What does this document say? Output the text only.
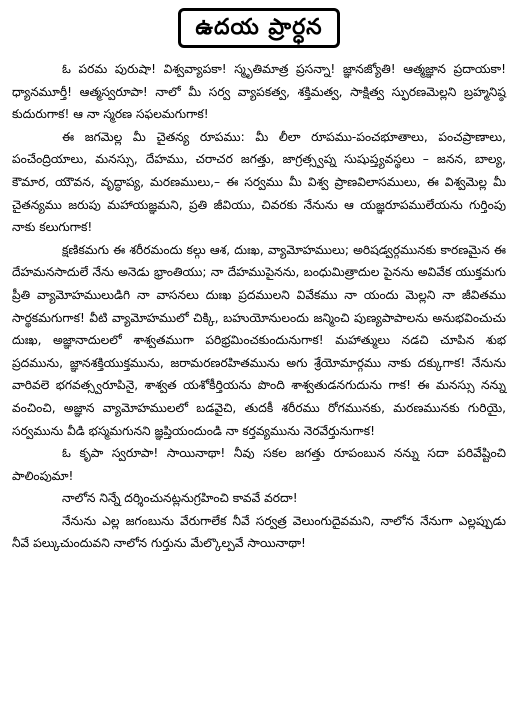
ఉదయ ప్రార్ధన

ఓ పరమ పురుషా! విశ్వవ్యాపకా! స్మృతిమాత్ర ప్రసన్నా! జ్ఞానజ్యోతి! ఆత్మజ్ఞాన ప్రదాయకా! ధ్యానమూర్తీ! ఆత్మస్వరూపా! నాలో మీ సర్వ వ్యాపకత్వ, శక్తిమత్వ, సాక్షిత్వ స్ఫురణమెల్లని బ్రహ్మనిష్ఠ కుదురుగాక! ఆ నా స్మరణ సఫలమగుగాక!

ఈ జగమెల్ల మీ చైతన్య రూపము: మీ లీలా రూపము-పంచభూతాలు, పంచప్రాణాలు, పంచేంద్రియాలు, మనస్సు, దేహము, చరాచర జగత్తు, జాగ్రత్స్వప్న సుషుప్త్యవస్థలు – జనన, బాల్య, కౌమార, యౌవన, వృద్ధాప్య, మరణములు,– ఈ సర్వము మీ విశ్వ ప్రాణవిలాసములు, ఈ విశ్వమెల్ల మీ చైతన్యము జరుపు మహాయజ్ఞమని, ప్రతి జీవియు, చివరకు నేనును ఆ యజ్ఞరూపములేయను గుర్తింపు నాకు కలుగుగాక!

క్షణికమగు ఈ శరీరమందు కల్గు ఆశ, దుఃఖ, వ్యామోహములు; అరిషడ్వర్గమునకు కారణమైన ఈ దేహమనసాదులే నేను అనెడు భ్రాంతియు; నా దేహముపైనను, బంధుమిత్రాదుల పైనను అవివేక యుక్తమగు ప్రీతి వ్యామోహములుడిగి నా వాసనలు దుఃఖ ప్రదములని వివేకము నా యందు మెల్లని నా జీవితము సార్థకమగుగాక! వీటి వ్యామోహములో చిక్కి, బహుయోనులందు జన్మించి పుణ్యపాపాలను అనుభవించుచు దుఃఖ, అజ్ఞానాదులలో శాశ్వతముగా పరిభ్రమించకుందునుగాక! మహాత్ములు నడచి చూపిన శుభ ప్రదమును, జ్ఞానశక్తియుక్తమును, జరామరణరహితమును అగు శ్రేయోమార్గము నాకు దక్కుగాక! నేనును వారివలె భగవత్స్వరూపినై, శాశ్వత యశోకీర్తియను పొంది శాశ్వతుడనగుదును గాక! ఈ మనస్సు నన్ను వంచించి, అజ్ఞాన వ్యామోహములలో బడవైచి, తుదకీ శరీరము రోగమునకు, మరణమునకు గురియై, సర్వమును వీడి భస్మమగునని జ్ఞప్తియందుండి నా కర్తవ్యమును నెరవేర్తునుగాక!

ఓ కృపా స్వరూపా! సాయినాథా! నీవు సకల జగత్తు రూపంబున నన్ను సదా పరివేష్టించి పాలింపుమా!

నాలోన నిన్నే దర్శించునట్లనుగ్రహించి కావవే వరదా!

నేనును ఎల్ల జగంబును వేరుగాలేక నీవే సర్వత్ర వెలుంగుదైవమని, నాలోన నేనుగా ఎల్లప్పుడు నీవే పల్కుచుందువని నాలోన గుర్తును మేల్కొల్పవే సాయినాథా!
